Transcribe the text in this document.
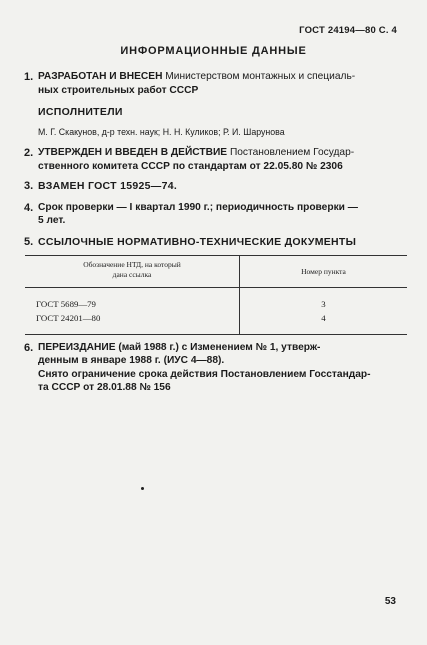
ГОСТ 24194—80 С. 4
ИНФОРМАЦИОННЫЕ ДАННЫЕ
1. РАЗРАБОТАН И ВНЕСЕН Министерством монтажных и специаль-
ных строительных работ СССР
ИСПОЛНИТЕЛИ
М. Г. Скакунов, д-р техн. наук; Н. Н. Куликов; Р. И. Шарунова
2. УТВЕРЖДЕН И ВВЕДЕН В ДЕЙСТВИЕ Постановлением Государ-
ственного комитета СССР по стандартам от 22.05.80 № 2306
3. ВЗАМЕН ГОСТ 15925—74.
4. Срок проверки — I квартал 1990 г.; периодичность проверки —
5 лет.
5. ССЫЛОЧНЫЕ НОРМАТИВНО-ТЕХНИЧЕСКИЕ ДОКУМЕНТЫ
Обозначение НТД, на который
дана ссылка	Номер пункта
ГОСТ 5689—79	3
ГОСТ 24201—80	4
6. ПЕРЕИЗДАНИЕ (май 1988 г.) с Изменением № 1, утверж-
денным в январе 1988 г. (ИУС 4—88).
Снято ограничение срока действия Постановлением Госстандар-
та СССР от 28.01.88 № 156
53
